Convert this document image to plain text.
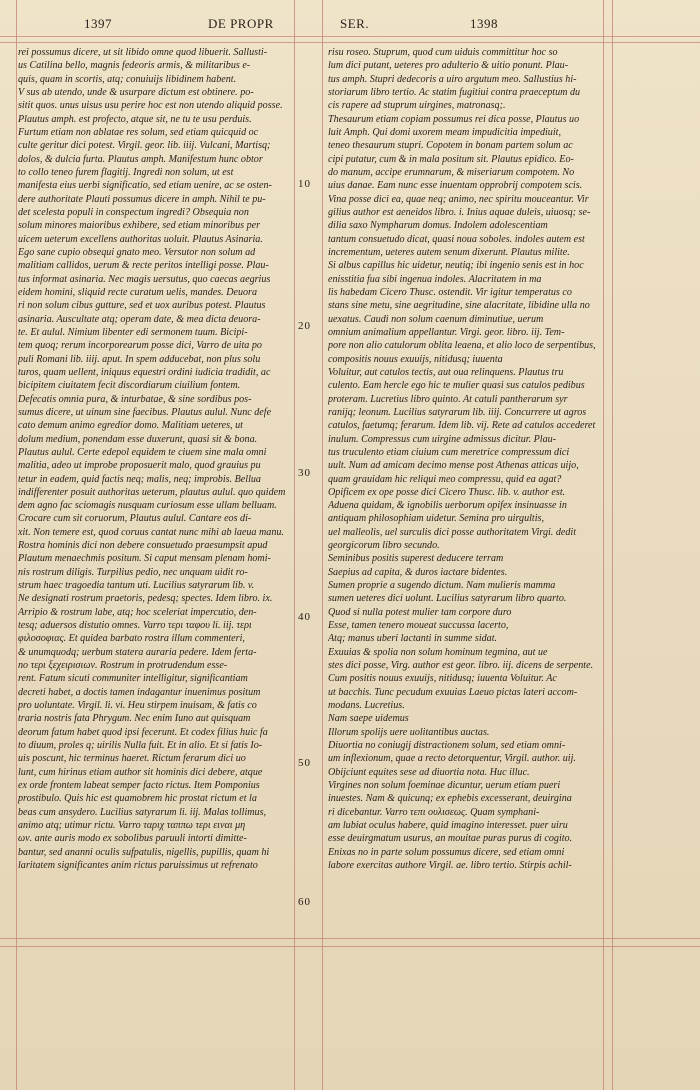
1397	DE PROPR	SER.	1398
10
20
30
40
50
60
rei possumus dicere, ut sit libido omne quod libuerit. Sallusti-
us Catilina bello, magnis fedeoris armis, & militaribus e-
quis, quam in scortis, atq; conuiuijs libidinem habent.
V sus ab utendo, unde & usurpare dictum est obtinere. po-
sitit quos. unus uisus usu perire hoc est non utendo aliquid posse.
Plautus amph. est profecto, atque sit, ne tu te usu perduis.
Furtum etiam non ablatae res solum, sed etiam quicquid oc
culte geritur dici potest. Virgil. geor. lib. iiij. Vulcani, Martisq;
dolos, & dulcia furta. Plautus amph. Manifestum hunc obtor
to collo teneo furem flagitij. Ingredi non solum, ut est
manifesta eius uerbi significatio, sed etiam uenire, ac se osten-
dere authoritate Plauti possumus dicere in amph. Nihil te pu-
det scelesta populi in conspectum ingredi? Obsequia non
solum minores maioribus exhibere, sed etiam minoribus per
uicem ueterum excellens authoritas uoluit. Plautus Asinaria.
Ego sane cupio obsequi gnato meo. Versutor non solum ad
malitiam callidos, uerum & recte peritos intelligi posse. Plau-
tus informat asinaria. Nec magis uersutus, quo caecas aegrius
eidem homini, sliquid recte curatum uelis, mandes. Deuora
ri non solum cibus gutture, sed et uox auribus potest. Plautus
asinaria. Auscultate atq; operam date, & mea dicta deuora-
te. Et aulul. Nimium libenter edi sermonem tuum. Bicipi-
tem quoq; rerum incorporearum posse dici, Varro de uita po
puli Romani lib. iiij. aput. In spem adducebat, non plus solu
turos, quam uellent, iniquus equestri ordini iudicia tradidit, ac
bicipitem ciuitatem fecit discordiarum ciuilium fontem.
Defecatis omnia pura, & inturbatae, & sine sordibus pos-
sumus dicere, ut uinum sine faecibus. Plautus aulul. Nunc defe
cato demum animo egredior domo. Malitiam ueteres, ut
dolum medium, ponendam esse duxerunt, quasi sit & bona.
Plautus aulul. Certe edepol equidem te ciuem sine mala omni
malitia, adeo ut improbe proposuerit malo, quod grauius pu
tetur in eadem, quid factis neq; malis, neq; improbis. Bellua
indifferenter posuit authoritas ueterum, plautus aulul. quo quidem
dem agno fac sciomagis nusquam curiosum esse ullam belluam.
Crocare cum sit coruorum, Plautus aulul. Cantare eos di-
xit. Non temere est, quod coruus cantat nunc mihi ab laeua manu.
Rostra hominis dici non debere consuetudo praesumpsit apud
Plautum menaechmis positum. Si caput mensam plenam homi-
nis rostrum diligis. Turpilius pedio, nec unquam uidit ro-
strum haec tragoedia tantum uti. Lucilius satyrarum lib. v.
Ne designati rostrum praetoris, pedesq; spectes. Idem libro. ix.
Arripio & rostrum labe, atq; hoc sceleriat impercutio, den-
tesq; aduersos distutio omnes. Varro τερι ταφου li. iij. τερι
φιλοσοφιας. Et quidea barbato rostra illum commenteri,
& unumquodq; uerbum statera auraria pedere. Idem ferta-
no τερι ξεχειρισιων. Rostrum in protrudendum esse-
rent. Fatum sicuti communiter intelligitur, significantiam
decreti habet, a doctis tamen indagantur inuenimus positum
pro uoluntate. Virgil. li. vi. Heu stirpem inuisam, & fatis co
traria nostris fata Phrygum. Nec enim Iuno aut quisquam
deorum fatum habet quod ipsi fecerunt. Et codex filius huic fa
to diuum, proles q; uirilis Nulla fuit. Et in alio. Et si fatis Io-
uis poscunt, hic terminus haeret. Rictum ferarum dici uo
lunt, cum hirinus etiam author sit hominis dici debere, atque
ex orde frontem labeat semper facto rictus. Item Pomponius
prostibulo. Quis hic est quamobrem hic prostat rictum et la
beas cum ansydero. Lucilius satyrarum li. iij. Malas tollimus,
animo atq; utimur rictu. Varro ταριχ ταππω τερι ειναι μη
ων. ante auris modo ex sobolibus paruuli intorti dimitte-
bantur, sed ananni oculis sufpatulis, nigellis, pupillis, quam hi
laritatem significantes anim rictus paruissimus ut refrenato
risu roseo. Stuprum, quod cum uiduis committitur hoc so
lum dici putant, ueteres pro adulterio & uitio ponunt. Plau-
tus amph. Stupri dedecoris a uiro argutum meo. Sallustius hi-
storiarum libro tertio. Ac statim fugitiui contra praeceptum du
cis rapere ad stuprum uirgines, matronasq;.
Thesaurum etiam copiam possumus rei dica posse, Plautus uo
luit Amph. Qui domi uxorem meam impudicitia impediuit,
teneo thesaurum stupri. Copotem in bonam partem solum ac
cipi putatur, cum & in mala positum sit. Plautus epidico. Eo-
do manum, accipe erumnarum, & miseriarum compotem. No
uius danae. Eam nunc esse inuentam opprobrij compotem scis.
Vina posse dici ea, quae neq; animo, nec spiritu mouceantur. Vir
gilius author est aeneidos libro. i. Inius aquae duleis, uiuosq; se-
dilia saxo Nympharum domus. Indolem adolescentiam
tantum consuetudo dicat, quasi noua soboles. indoles autem est
incrementum, ueteres autem senum dixerunt. Plautus milite.
Si albus capillus hic uidetur, neutiq; ibi ingenio senis est in hoc
enisstitia fua sibi ingenua indoles. Alacritatem in ma
lis habedam Cicero Thusc. ostendit. Vir igitur temperatus co
stans sine metu, sine aegritudine, sine alacritate, libidine ulla no
uexatus. Caudi non solum caenum diminutiue, uerum
omnium animalium appellantur. Virgi. geor. libro. iij. Tem-
pore non alio catulorum oblita leaena, et alio loco de serpentibus,
compositis nouus exuuijs, nitidusq; iuuenta
Voluitur, aut catulos tectis, aut oua relinquens. Plautus tru
culento. Eam hercle ego hic te mulier quasi sus catulos pedibus
proteram. Lucretius libro quinto. At catuli pantherarum syr
ranijq; leonum. Lucilius satyrarum lib. iiij. Concurrere ut agros
catulos, faetumq; ferarum. Idem lib. vij. Rete ad catulos accederet
inulum. Compressus cum uirgine admissus dicitur. Plau-
tus truculento etiam ciuium cum meretrice compressum dici
uult. Num ad amicam decimo mense post Athenas atticas uijo,
quam grauidam hic reliqui meo compressu, quid ea agat?
Opificem ex ope posse dici Cicero Thusc. lib. v. author est.
Aduena quidam, & ignobilis uerborum opifex insinuasse in
antiquam philosophiam uidetur. Semina pro uirgultis,
uel malleolis, uel surculis dici posse authoritatem Virgi. dedit
georgicorum libro secundo.
Seminibus positis superest deducere terram
Saepius ad capita, & duros iactare bidentes.
Sumen proprie a sugendo dictum. Nam mulieris mamma
sumen ueteres dici uolunt. Lucilius satyrarum libro quarto.
Quod si nulla potest mulier tam corpore duro
Esse, tamen tenero moueat succussa lacerto,
Atq; manus uberi lactanti in summe sidat.
Exuuias & spolia non solum hominum tegmina, aut ue
stes dici posse, Virg. author est geor. libro. iij. dicens de serpente.
Cum positis nouus exuuijs, nitidusq; iuuenta Voluitur. Ac
ut bacchis. Tunc pecudum exuuias Laeuo pictas lateri accom-
modans. Lucretius.
Nam saepe uidemus
Illorum spolijs uere uolitantibus auctas.
Diuortia no coniugij distractionem solum, sed etiam omni-
um inflexionum, quae a recto detorquentur, Virgil. author. uij.
Obijciunt equites sese ad diuortia nota. Huc illuc.
Virgines non solum foeminae dicuntur, uerum etiam pueri
inuestes. Nam & quicunq; ex ephebis excesserant, deuirgina
ri dicebantur. Varro τεπι ουλισεως. Quam symphani-
am lubiat oculus habere, quid imagino interesset. puer uiru
esse deuirgmatum usurus, an mouitae puras purus di cogito.
Enixas no in parte solum possumus dicere, sed etiam omni
labore exercitas authore Virgil. ae. libro tertio. Stirpis achil-
